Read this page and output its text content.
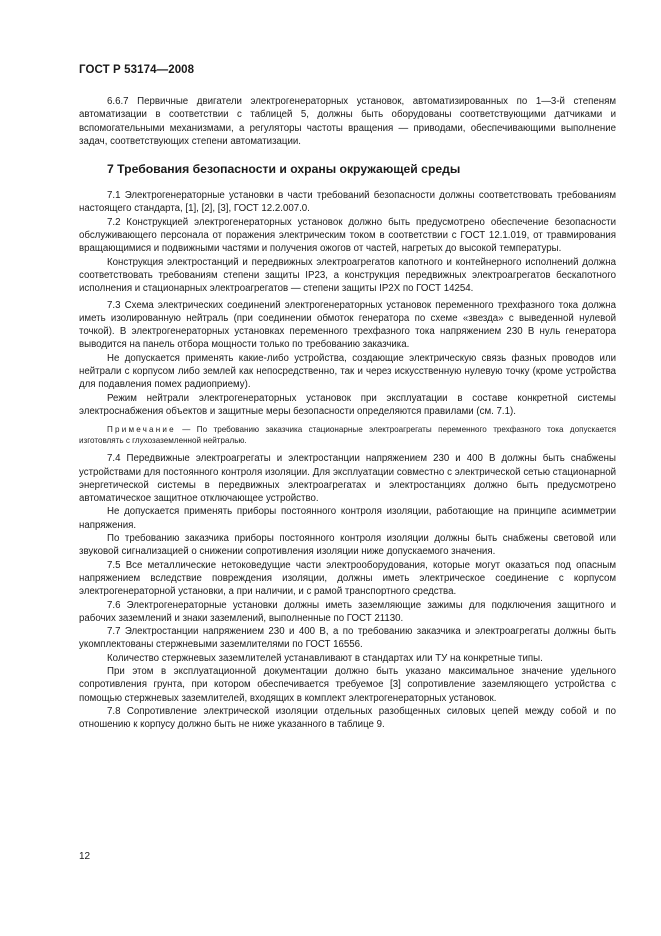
ГОСТ Р 53174—2008

6.6.7 Первичные двигатели электрогенераторных установок, автоматизированных по 1—3-й степеням автоматизации в соответствии с таблицей 5, должны быть оборудованы соответствующими датчиками и вспомогательными механизмами, а регуляторы частоты вращения — приводами, обеспечивающими выполнение задач, соответствующих степени автоматизации.

7 Требования безопасности и охраны окружающей среды

7.1 Электрогенераторные установки в части требований безопасности должны соответствовать требованиям настоящего стандарта, [1], [2], [3], ГОСТ 12.2.007.0.

7.2 Конструкцией электрогенераторных установок должно быть предусмотрено обеспечение безопасности обслуживающего персонала от поражения электрическим током в соответствии с ГОСТ 12.1.019, от травмирования вращающимися и подвижными частями и получения ожогов от частей, нагретых до высокой температуры.

Конструкция электростанций и передвижных электроагрегатов капотного и контейнерного исполнений должна соответствовать требованиям степени защиты IP23, а конструкция передвижных электроагрегатов бескапотного исполнения и стационарных электроагрегатов — степени защиты IP2X по ГОСТ 14254.

7.3 Схема электрических соединений электрогенераторных установок переменного трехфазного тока должна иметь изолированную нейтраль (при соединении обмоток генератора по схеме «звезда» с выведенной нулевой точкой). В электрогенераторных установках переменного трехфазного тока напряжением 230 В нуль генератора выводится на панель отбора мощности только по требованию заказчика.

Не допускается применять какие-либо устройства, создающие электрическую связь фазных проводов или нейтрали с корпусом либо землей как непосредственно, так и через искусственную нулевую точку (кроме устройства для подавления помех радиоприему).

Режим нейтрали электрогенераторных установок при эксплуатации в составе конкретной системы электроснабжения объектов и защитные меры безопасности определяются правилами (см. 7.1).

Примечание — По требованию заказчика стационарные электроагрегаты переменного трехфазного тока допускается изготовлять с глухозаземленной нейтралью.

7.4 Передвижные электроагрегаты и электростанции напряжением 230 и 400 В должны быть снабжены устройствами для постоянного контроля изоляции. Для эксплуатации совместно с электрической сетью стационарной энергетической системы в передвижных электроагрегатах и электростанциях должно быть предусмотрено автоматическое защитное отключающее устройство.

Не допускается применять приборы постоянного контроля изоляции, работающие на принципе асимметрии напряжения.

По требованию заказчика приборы постоянного контроля изоляции должны быть снабжены световой или звуковой сигнализацией о снижении сопротивления изоляции ниже допускаемого значения.

7.5 Все металлические нетоковедущие части электрооборудования, которые могут оказаться под опасным напряжением вследствие повреждения изоляции, должны иметь электрическое соединение с корпусом электрогенераторной установки, а при наличии, и с рамой транспортного средства.

7.6 Электрогенераторные установки должны иметь заземляющие зажимы для подключения защитного и рабочих заземлений и знаки заземлений, выполненные по ГОСТ 21130.

7.7 Электростанции напряжением 230 и 400 В, а по требованию заказчика и электроагрегаты должны быть укомплектованы стержневыми заземлителями по ГОСТ 16556.

Количество стержневых заземлителей устанавливают в стандартах или ТУ на конкретные типы.

При этом в эксплуатационной документации должно быть указано максимальное значение удельного сопротивления грунта, при котором обеспечивается требуемое [3] сопротивление заземляющего устройства с помощью стержневых заземлителей, входящих в комплект электрогенераторных установок.

7.8 Сопротивление электрической изоляции отдельных разобщенных силовых цепей между собой и по отношению к корпусу должно быть не ниже указанного в таблице 9.

12
